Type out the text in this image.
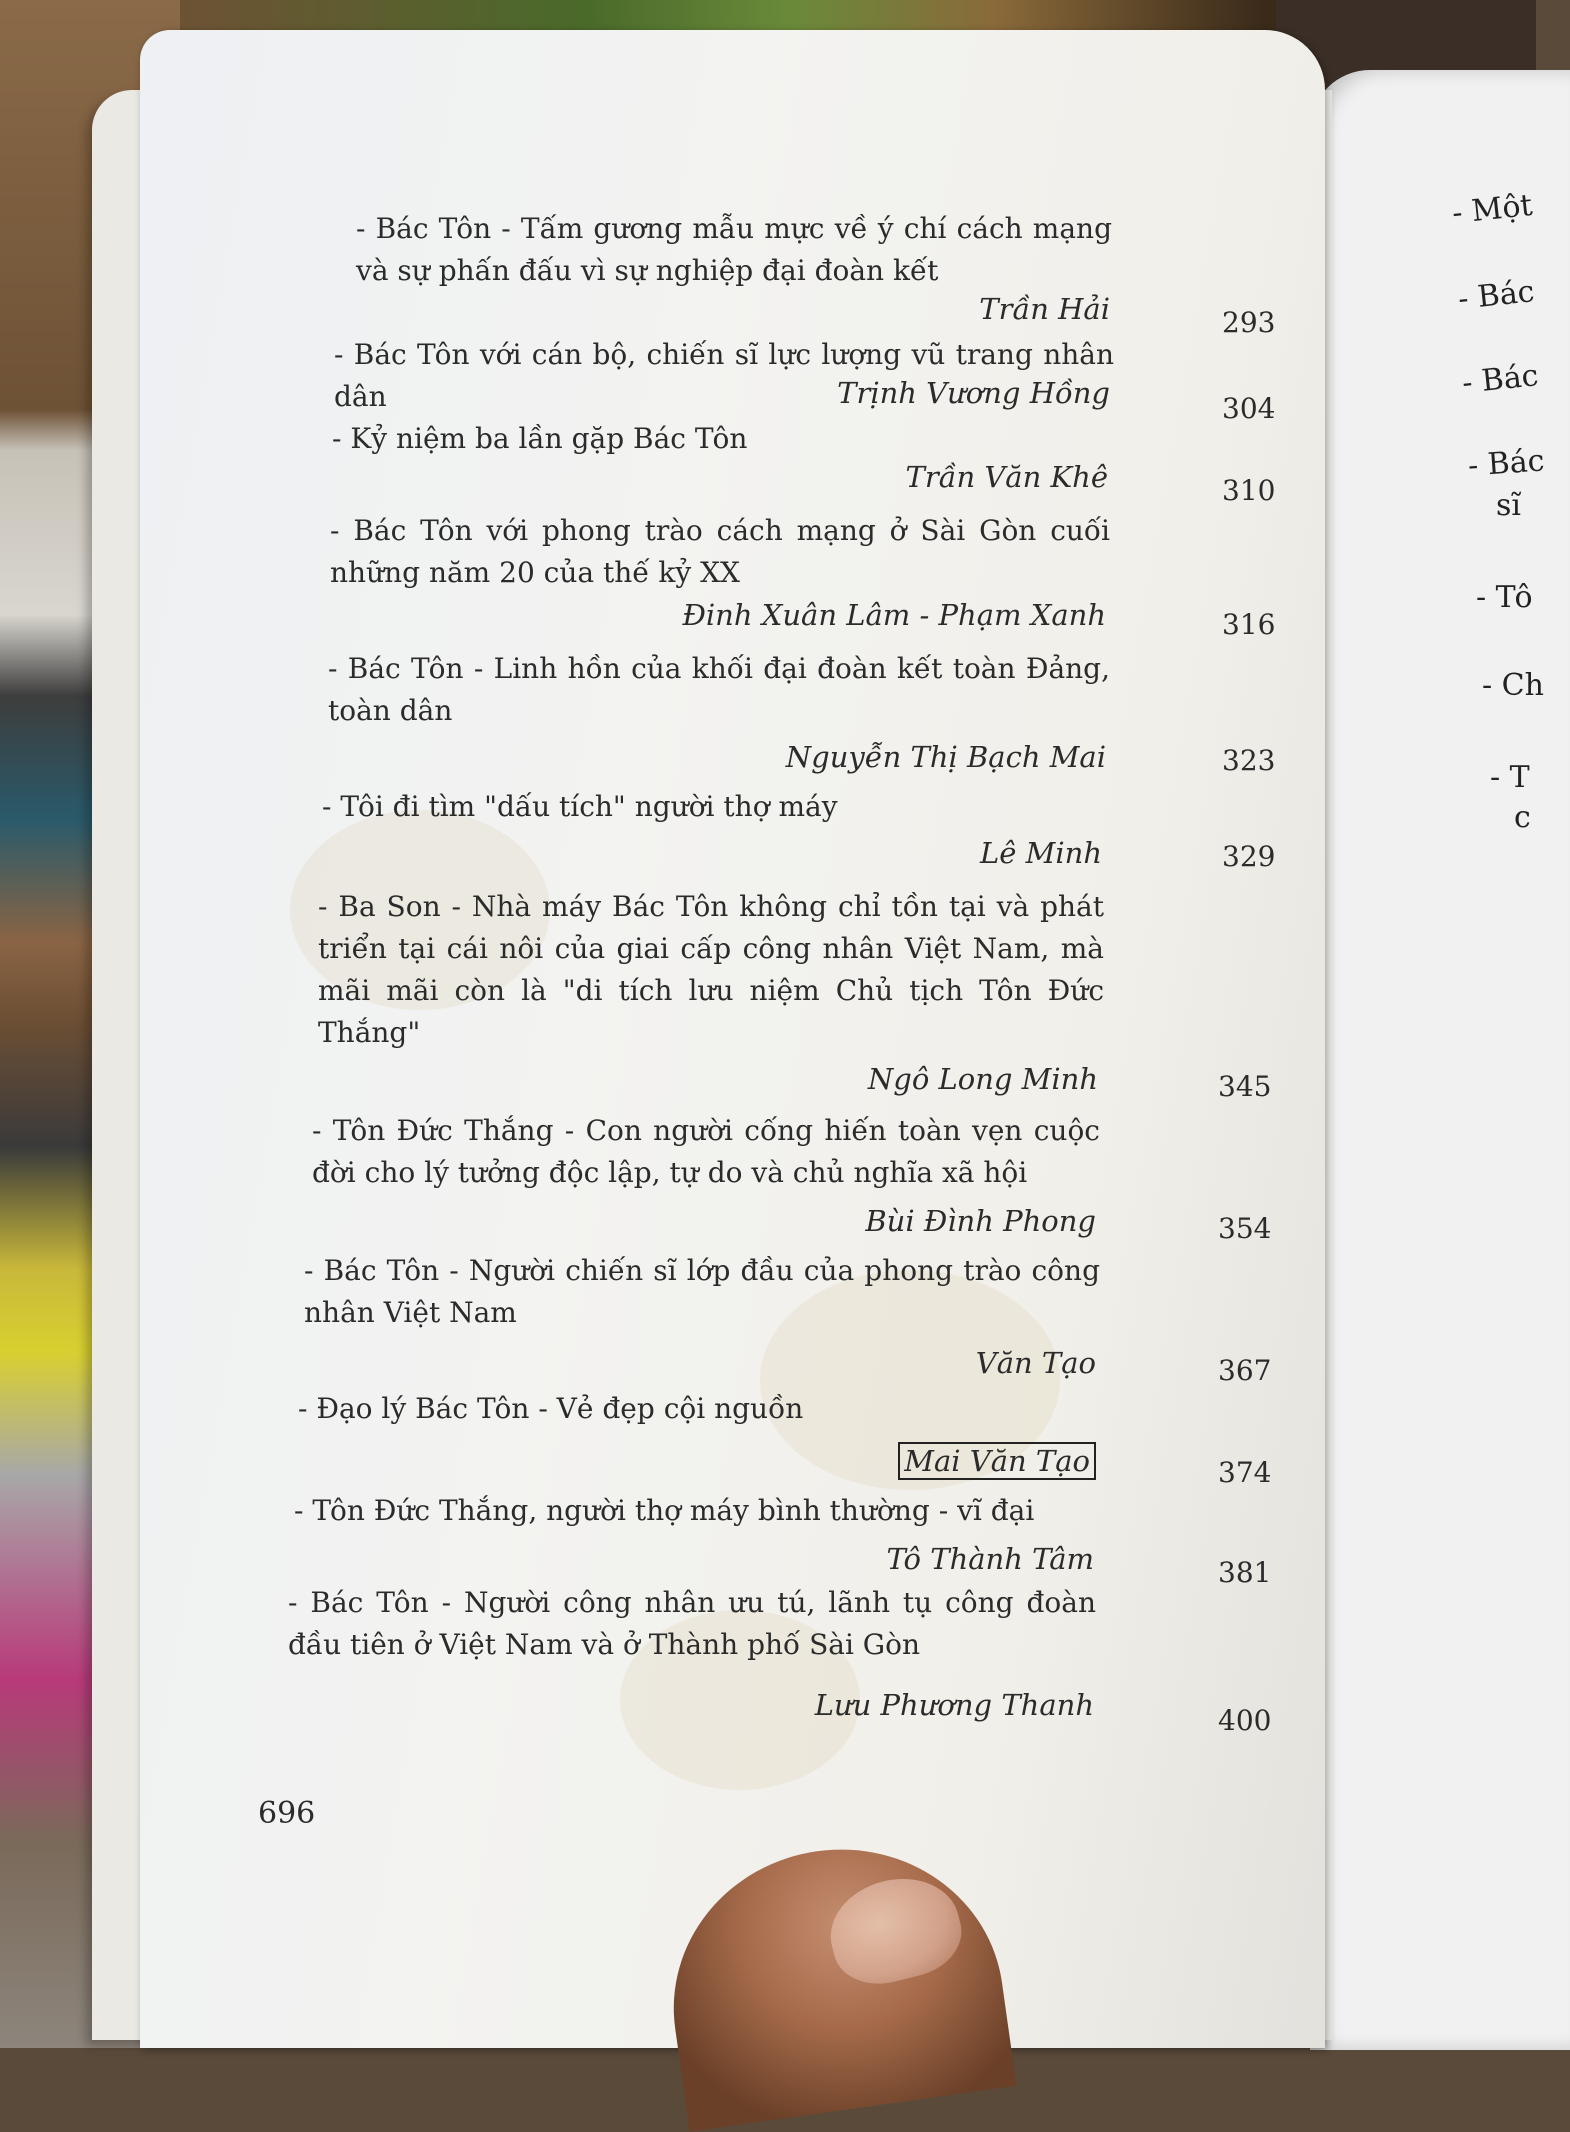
- Một
- Bác
- Bác
- Bác
sĩ
- Tô
- Ch
- T
c
- Bác Tôn - Tấm gương mẫu mực về ý chí cách mạng và sự phấn đấu vì sự nghiệp đại đoàn kết
Trần Hải	293
- Bác Tôn với cán bộ, chiến sĩ lực lượng vũ trang nhân dân	Trịnh Vương Hồng	304
- Kỷ niệm ba lần gặp Bác Tôn
Trần Văn Khê	310
- Bác Tôn với phong trào cách mạng ở Sài Gòn cuối những năm 20 của thế kỷ XX
Đinh Xuân Lâm - Phạm Xanh	316
- Bác Tôn - Linh hồn của khối đại đoàn kết toàn Đảng, toàn dân
Nguyễn Thị Bạch Mai	323
- Tôi đi tìm "dấu tích" người thợ máy
Lê Minh	329
- Ba Son - Nhà máy Bác Tôn không chỉ tồn tại và phát triển tại cái nôi của giai cấp công nhân Việt Nam, mà mãi mãi còn là "di tích lưu niệm Chủ tịch Tôn Đức Thắng"
Ngô Long Minh	345
- Tôn Đức Thắng - Con người cống hiến toàn vẹn cuộc đời cho lý tưởng độc lập, tự do và chủ nghĩa xã hội
Bùi Đình Phong	354
- Bác Tôn - Người chiến sĩ lớp đầu của phong trào công nhân Việt Nam
Văn Tạo	367
- Đạo lý Bác Tôn - Vẻ đẹp cội nguồn
Mai Văn Tạo	374
- Tôn Đức Thắng, người thợ máy bình thường - vĩ đại
Tô Thành Tâm	381
- Bác Tôn - Người công nhân ưu tú, lãnh tụ công đoàn đầu tiên ở Việt Nam và ở Thành phố Sài Gòn
Lưu Phương Thanh	400
696
